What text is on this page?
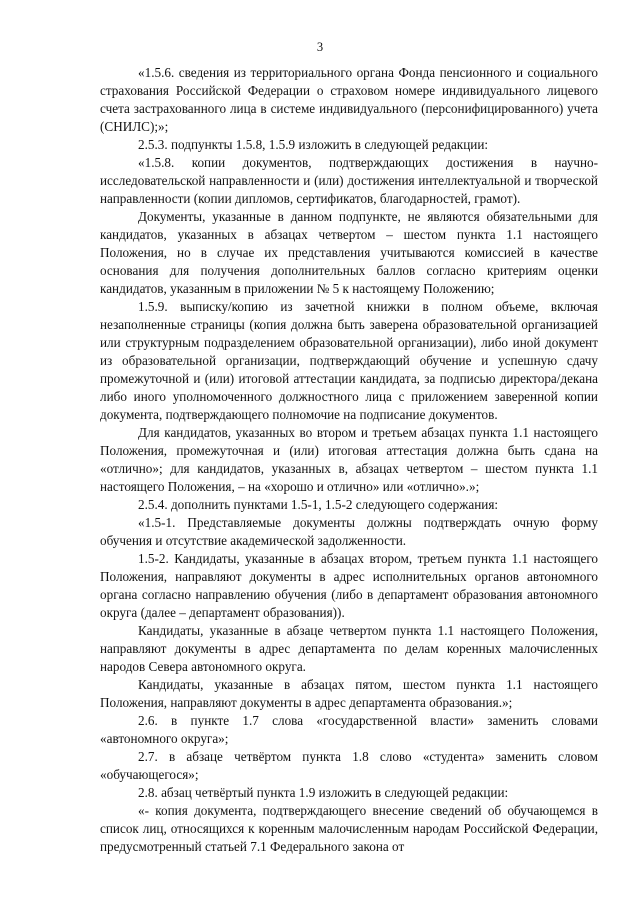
3

«1.5.6. сведения из территориального органа Фонда пенсионного и социального страхования Российской Федерации о страховом номере индивидуального лицевого счета застрахованного лица в системе индивидуального (персонифицированного) учета (СНИЛС);»;

2.5.3. подпункты 1.5.8, 1.5.9 изложить в следующей редакции:

«1.5.8. копии документов, подтверждающих достижения в научно-исследовательской направленности и (или) достижения интеллектуальной и творческой направленности (копии дипломов, сертификатов, благодарностей, грамот).

Документы, указанные в данном подпункте, не являются обязательными для кандидатов, указанных в абзацах четвертом – шестом пункта 1.1 настоящего Положения, но в случае их представления учитываются комиссией в качестве основания для получения дополнительных баллов согласно критериям оценки кандидатов, указанным в приложении № 5 к настоящему Положению;

1.5.9. выписку/копию из зачетной книжки в полном объеме, включая незаполненные страницы (копия должна быть заверена образовательной организацией или структурным подразделением образовательной организации), либо иной документ из образовательной организации, подтверждающий обучение и успешную сдачу промежуточной и (или) итоговой аттестации кандидата, за подписью директора/декана либо иного уполномоченного должностного лица с приложением заверенной копии документа, подтверждающего полномочие на подписание документов.

Для кандидатов, указанных во втором и третьем абзацах пункта 1.1 настоящего Положения, промежуточная и (или) итоговая аттестация должна быть сдана на «отлично»; для кандидатов, указанных в, абзацах четвертом – шестом пункта 1.1 настоящего Положения, – на «хорошо и отлично» или «отлично».»;

2.5.4. дополнить пунктами 1.5-1, 1.5-2 следующего содержания:

«1.5-1. Представляемые документы должны подтверждать очную форму обучения и отсутствие академической задолженности.

1.5-2. Кандидаты, указанные в абзацах втором, третьем пункта 1.1 настоящего Положения, направляют документы в адрес исполнительных органов автономного органа согласно направлению обучения (либо в департамент образования автономного округа (далее – департамент образования)).

Кандидаты, указанные в абзаце четвертом пункта 1.1 настоящего Положения, направляют документы в адрес департамента по делам коренных малочисленных народов Севера автономного округа.

Кандидаты, указанные в абзацах пятом, шестом пункта 1.1 настоящего Положения, направляют документы в адрес департамента образования.»;

2.6. в пункте 1.7 слова «государственной власти» заменить словами «автономного округа»;

2.7. в абзаце четвёртом пункта 1.8 слово «студента» заменить словом «обучающегося»;

2.8. абзац четвёртый пункта 1.9 изложить в следующей редакции:

«- копия документа, подтверждающего внесение сведений об обучающемся в список лиц, относящихся к коренным малочисленным народам Российской Федерации, предусмотренный статьей 7.1 Федерального закона от
